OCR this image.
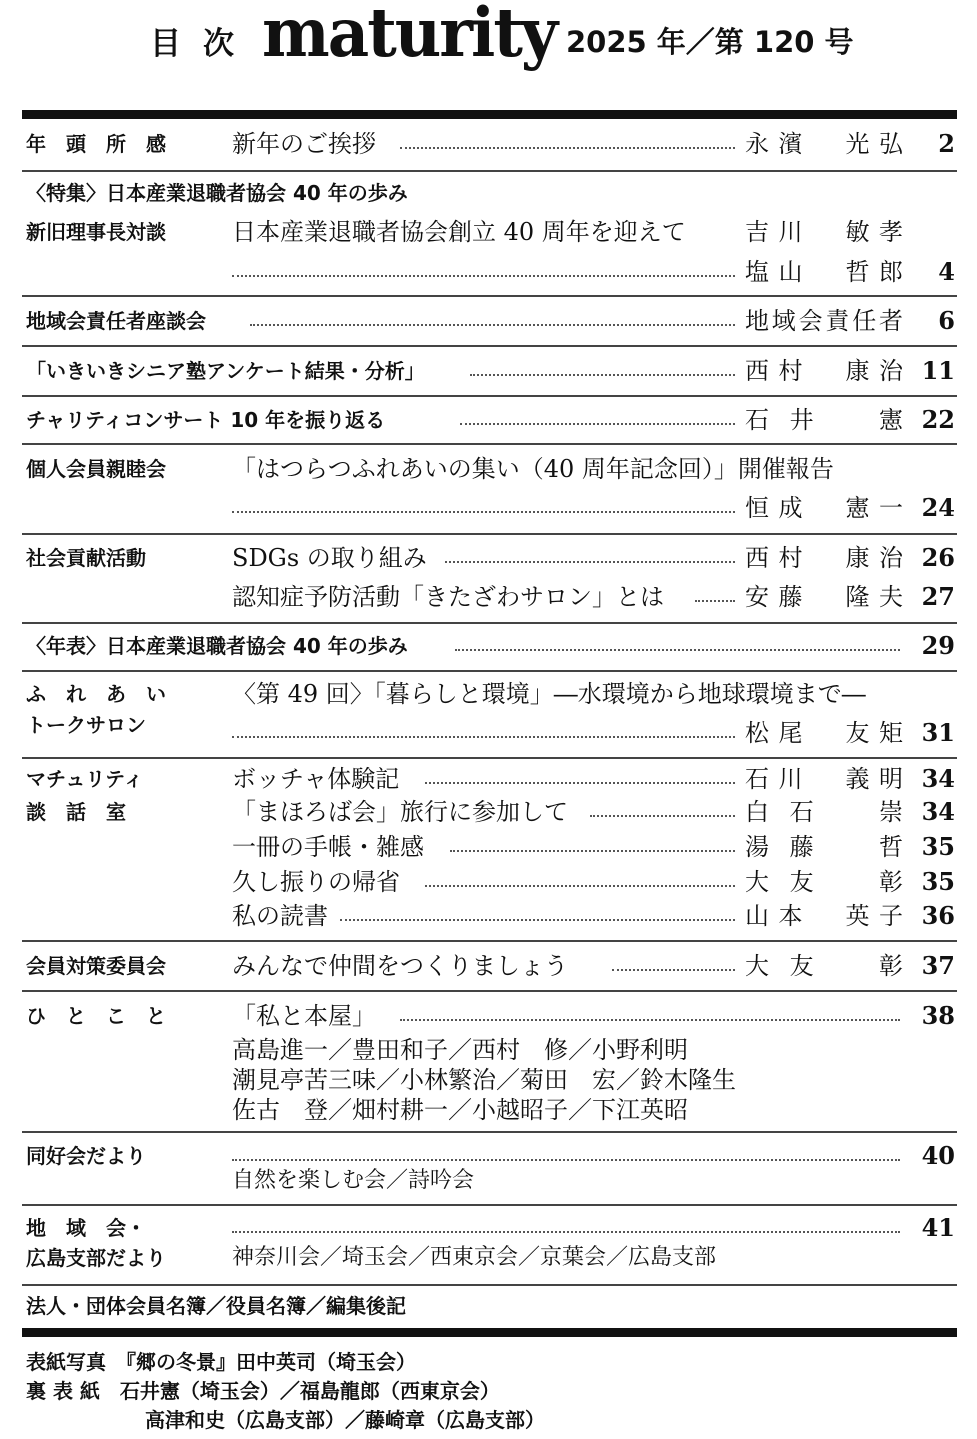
目次 maturity 2025 年／第 120 号
年　頭　所　感	新年のご挨拶	永濱　光弘	2
〈特集〉日本産業退職者協会 40 年の歩み
新旧理事長対談	日本産業退職者協会創立 40 周年を迎えて 吉川　敏孝
塩山　哲郎	4
地域会責任者座談会	地域会責任者	6
「いきいきシニア塾アンケート結果・分析」	西村　康治 11
チャリティコンサート 10 年を振り返る	石井　憲 22
個人会員親睦会	「はつらつふれあいの集い（40 周年記念回）」開催報告
恒成　憲一 24
社会貢献活動	SDGs の取り組み	西村　康治 26
認知症予防活動「きたざわサロン」とは	安藤　隆夫 27
〈年表〉日本産業退職者協会 40 年の歩み	29
ふ　れ　あ　い	〈第 49 回〉「暮らしと環境」―水環境から地球環境まで―
トークサロン	松尾　友矩 31
マチュリティ	ボッチャ体験記	石川　義明 34
談　話　室	「まほろば会」旅行に参加して	白石　崇 34
一冊の手帳・雑感	湯藤　哲 35
久し振りの帰省	大友　彰 35
私の読書	山本　英子 36
会員対策委員会	みんなで仲間をつくりましょう	大友　彰 37
ひ　と　こ　と	「私と本屋」	38
高島進一／豊田和子／西村　修／小野利明
潮見亭苦三味／小林繁治／菊田　宏／鈴木隆生
佐古　登／畑村耕一／小越昭子／下江英昭
同好会だより	40
自然を楽しむ会／詩吟会
地　域　会・	41
広島支部だより	神奈川会／埼玉会／西東京会／京葉会／広島支部
法人・団体会員名簿／役員名簿／編集後記
表紙写真　『郷の冬景』田中英司（埼玉会）
裏 表 紙　石井憲（埼玉会）／福島龍郎（西東京会）
高津和史（広島支部）／藤崎章（広島支部）
